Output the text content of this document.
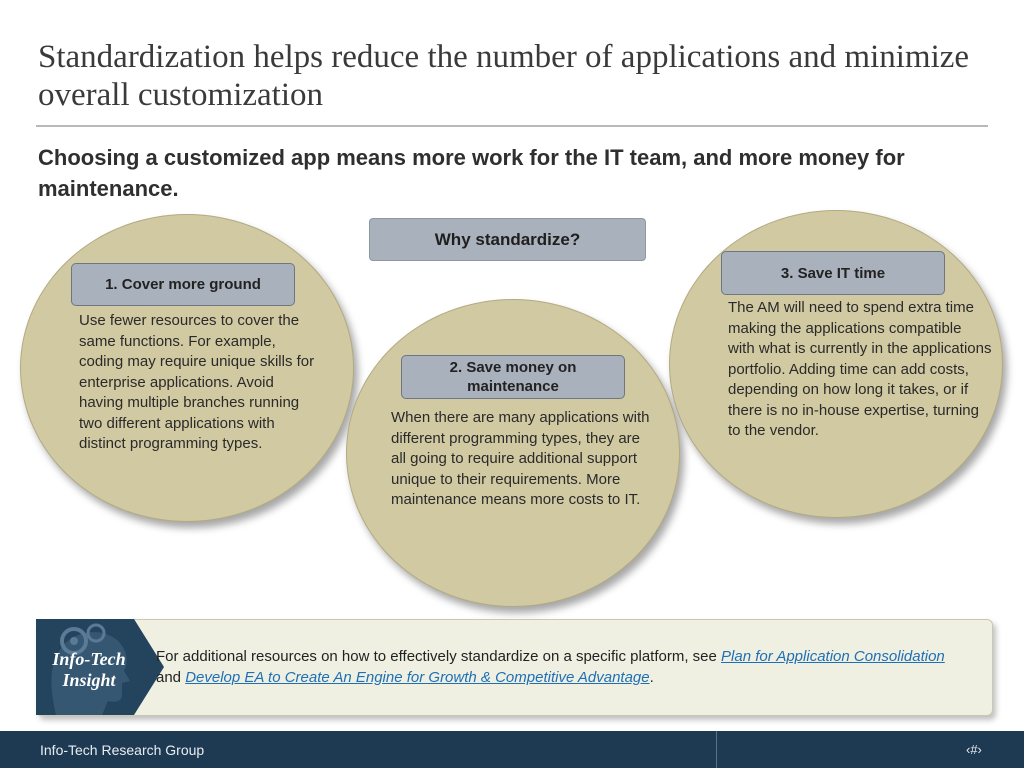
Standardization helps reduce the number of applications and minimize overall customization
Choosing a customized app means more work for the IT team, and more money for maintenance.
Why standardize?
1. Cover more ground
Use fewer resources to cover the same functions. For example, coding may require unique skills for enterprise applications. Avoid having multiple branches running two different applications with distinct programming types.
2. Save money on maintenance
When there are many applications with different programming types, they are all going to require additional support unique to their requirements. More maintenance means more costs to IT.
3. Save IT time
The AM will need to spend extra time making the applications compatible with what is currently in the applications portfolio. Adding time can add costs, depending on how long it takes, or if there is no in-house expertise, turning to the vendor.
Info-Tech Insight
For additional resources on how to effectively standardize on a specific platform, see Plan for Application Consolidation and Develop EA to Create An Engine for Growth & Competitive Advantage.
Info-Tech Research Group	‹#›
